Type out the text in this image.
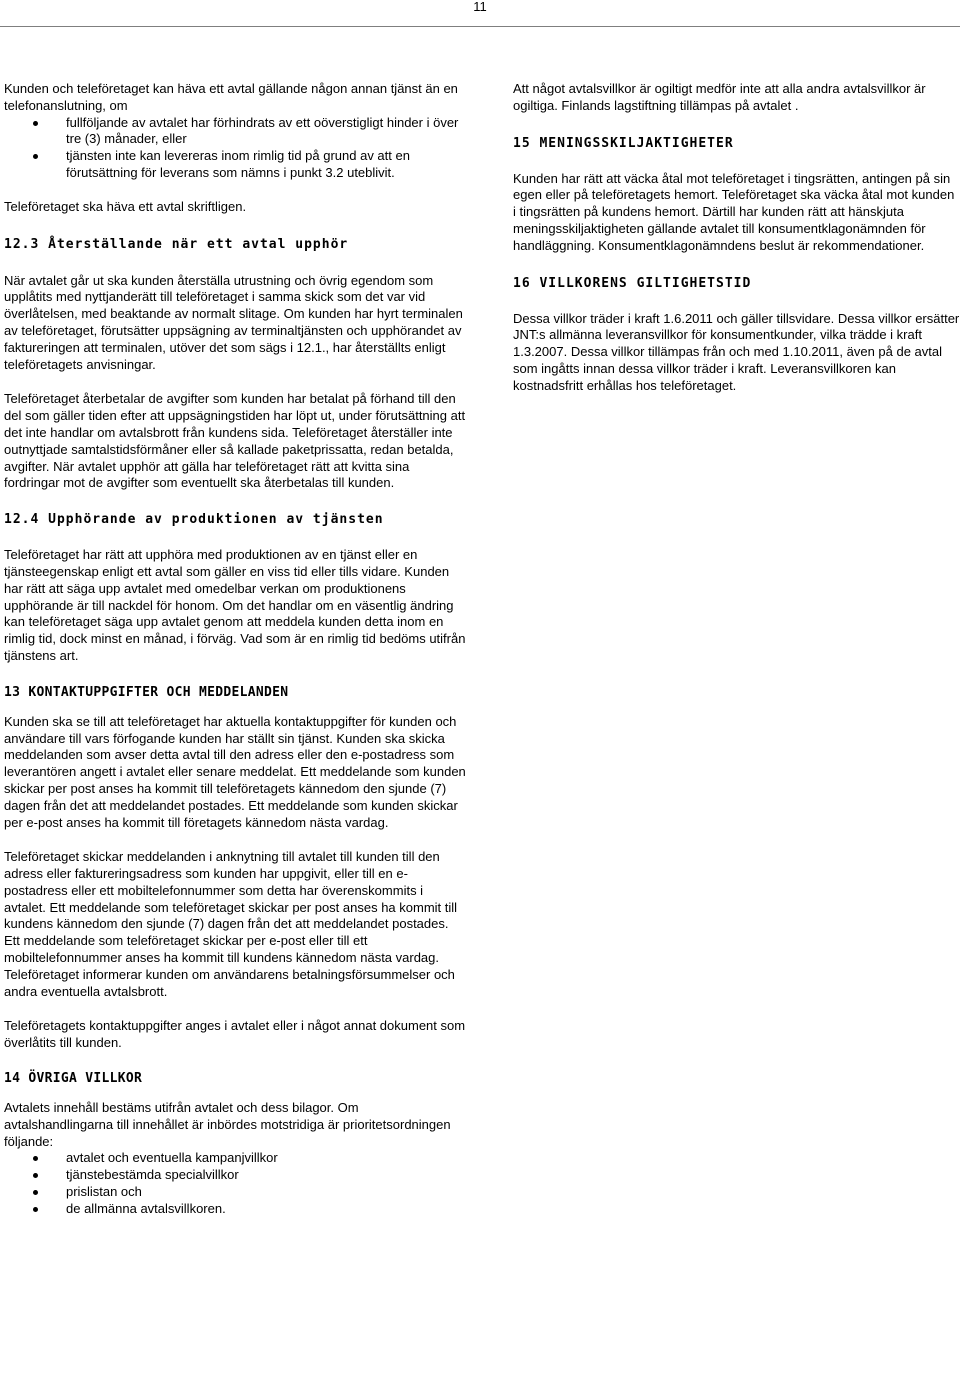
11

Kunden och teleföretaget kan häva ett avtal gällande någon annan tjänst än en telefonanslutning, om

fullföljande av avtalet har förhindrats av ett oöverstigligt hinder i över tre (3) månader, eller
tjänsten inte kan levereras inom rimlig tid på grund av att en förutsättning för leverans som nämns i punkt 3.2 uteblivit.

Teleföretaget ska häva ett avtal skriftligen.

12.3 Återställande när ett avtal upphör

När avtalet går ut ska kunden återställa utrustning och övrig egendom som upplåtits med nyttjanderätt till teleföretaget i samma skick som det var vid överlåtelsen, med beaktande av normalt slitage. Om kunden har hyrt terminalen av teleföretaget, förutsätter uppsägning av terminaltjänsten och upphörandet av faktureringen att terminalen, utöver det som sägs i 12.1., har återställts enligt teleföretagets anvisningar.

Teleföretaget återbetalar de avgifter som kunden har betalat på förhand till den del som gäller tiden efter att uppsägningstiden har löpt ut, under förutsättning att det inte handlar om avtalsbrott från kundens sida. Teleföretaget återställer inte outnyttjade samtalstidsförmåner eller så kallade paketprissatta, redan betalda, avgifter. När avtalet upphör att gälla har teleföretaget rätt att kvitta sina fordringar mot de avgifter som eventuellt ska återbetalas till kunden.

12.4 Upphörande av produktionen av tjänsten

Teleföretaget har rätt att upphöra med produktionen av en tjänst eller en tjänsteegenskap enligt ett avtal som gäller en viss tid eller tills vidare. Kunden har rätt att säga upp avtalet med omedelbar verkan om produktionens upphörande är till nackdel för honom. Om det handlar om en väsentlig ändring kan teleföretaget säga upp avtalet genom att meddela kunden detta inom en rimlig tid, dock minst en månad, i förväg. Vad som är en rimlig tid bedöms utifrån tjänstens art.

13 KONTAKTUPPGIFTER OCH MEDDELANDEN

Kunden ska se till att teleföretaget har aktuella kontaktuppgifter för kunden och användare till vars förfogande kunden har ställt sin tjänst. Kunden ska skicka meddelanden som avser detta avtal till den adress eller den e-postadress som leverantören angett i avtalet eller senare meddelat. Ett meddelande som kunden skickar per post anses ha kommit till teleföretagets kännedom den sjunde (7) dagen från det att meddelandet postades. Ett meddelande som kunden skickar per e-post anses ha kommit till företagets kännedom nästa vardag.

Teleföretaget skickar meddelanden i anknytning till avtalet till kunden till den adress eller faktureringsadress som kunden har uppgivit, eller till en e-postadress eller ett mobiltelefonnummer som detta har överenskommits i avtalet. Ett meddelande som teleföretaget skickar per post anses ha kommit till kundens kännedom den sjunde (7) dagen från det att meddelandet postades. Ett meddelande som teleföretaget skickar per e-post eller till ett mobiltelefonnummer anses ha kommit till kundens kännedom nästa vardag. Teleföretaget informerar kunden om användarens betalningsförsummelser och andra eventuella avtalsbrott.

Teleföretagets kontaktuppgifter anges i avtalet eller i något annat dokument som överlåtits till kunden.

14 ÖVRIGA VILLKOR

Avtalets innehåll bestäms utifrån avtalet och dess bilagor. Om avtalshandlingarna till innehållet är inbördes motstridiga är prioritetsordningen följande:

avtalet och eventuella kampanjvillkor
tjänstebestämda specialvillkor
prislistan och
de allmänna avtalsvillkoren.

Att något avtalsvillkor är ogiltigt medför inte att alla andra avtalsvillkor är ogiltiga. Finlands lagstiftning tillämpas på avtalet .

15 MENINGSSKILJAKTIGHETER

Kunden har rätt att väcka åtal mot teleföretaget i tingsrätten, antingen på sin egen eller på teleföretagets hemort. Teleföretaget ska väcka åtal mot kunden i tingsrätten på kundens hemort. Därtill har kunden rätt att hänskjuta meningsskiljaktigheten gällande avtalet till konsumentklagonämnden för handläggning. Konsumentklagonämndens beslut är rekommendationer.

16 VILLKORENS GILTIGHETSTID

Dessa villkor träder i kraft 1.6.2011 och gäller tillsvidare. Dessa villkor ersätter JNT:s allmänna leveransvillkor för konsumentkunder, vilka trädde i kraft 1.3.2007. Dessa villkor tillämpas från och med 1.10.2011, även på de avtal som ingåtts innan dessa villkor träder i kraft. Leveransvillkoren kan kostnadsfritt erhållas hos teleföretaget.
